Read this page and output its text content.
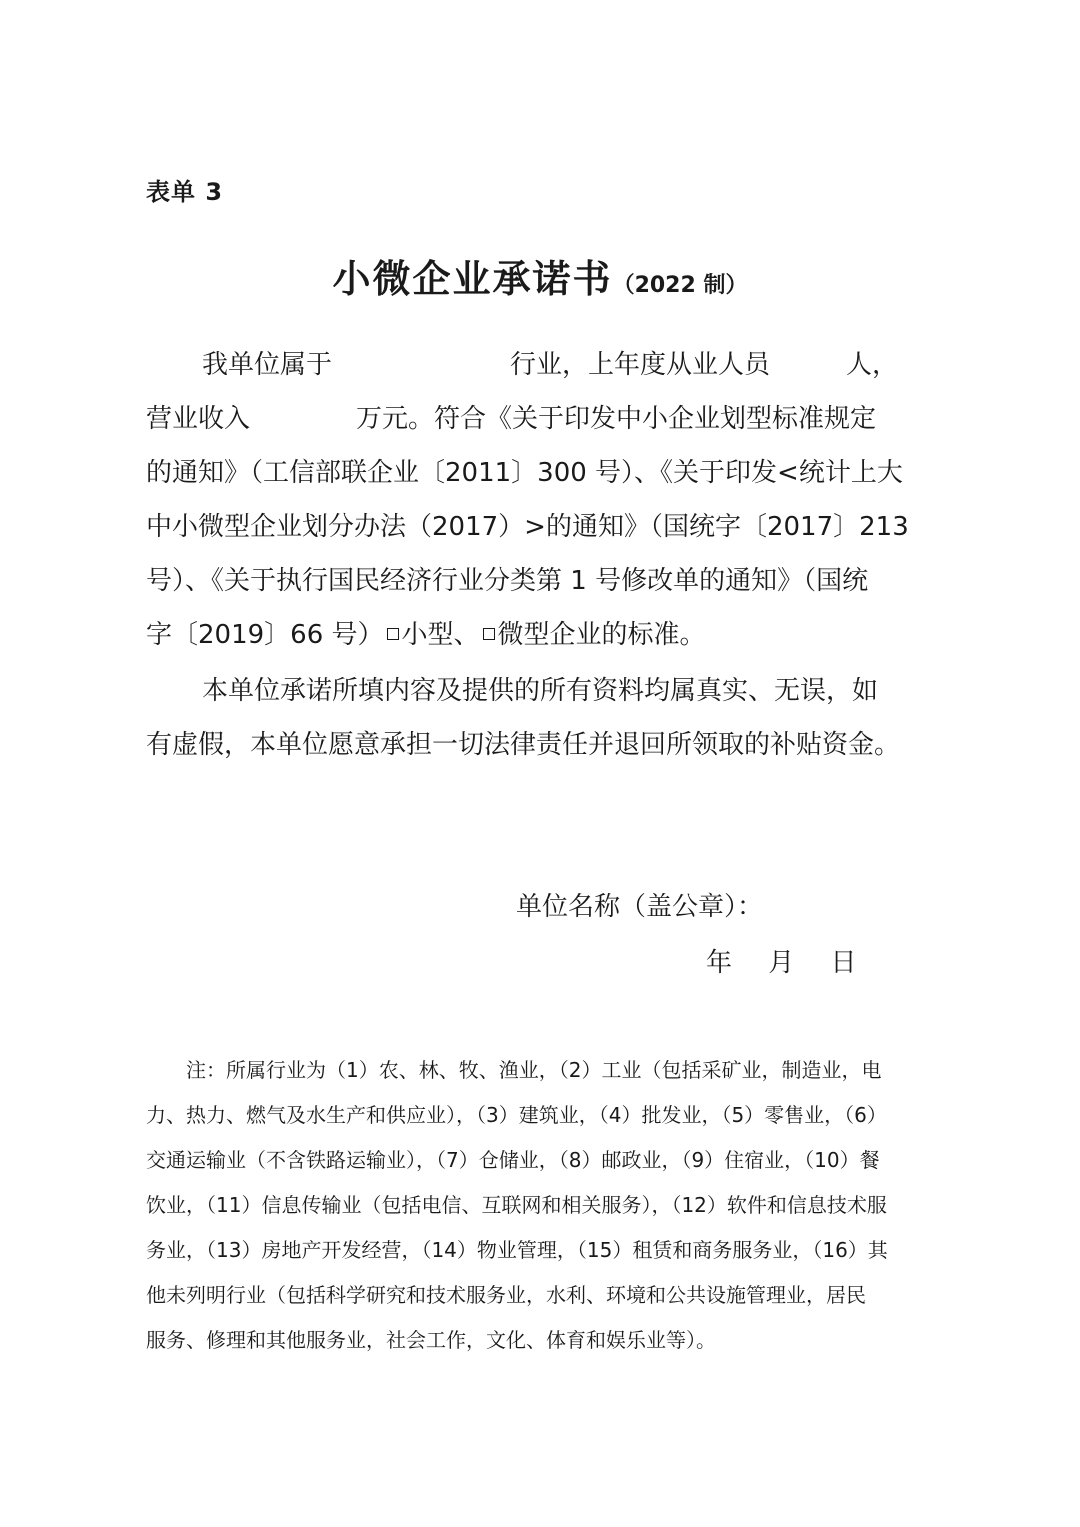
表单 3
小微企业承诺书（2022 制）
我单位属于	行业，上年度从业人员	人，
营业收入	万元。符合《关于印发中小企业划型标准规定
的通知》（工信部联企业〔2011〕300 号）、《关于印发<统计上大
中小微型企业划分办法（2017）>的通知》（国统字〔2017〕213
号）、《关于执行国民经济行业分类第 1 号修改单的通知》（国统
字〔2019〕66 号） 小型、 微型企业的标准。
本单位承诺所填内容及提供的所有资料均属真实、无误，如
有虚假，本单位愿意承担一切法律责任并退回所领取的补贴资金。
单位名称（盖公章）：
年 月 日
注：所属行业为（1）农、林、牧、渔业，（2）工业（包括采矿业，制造业，电
力、热力、燃气及水生产和供应业），（3）建筑业，（4）批发业，（5）零售业，（6）
交通运输业（不含铁路运输业），（7）仓储业，（8）邮政业，（9）住宿业，（10）餐
饮业，（11）信息传输业（包括电信、互联网和相关服务），（12）软件和信息技术服
务业，（13）房地产开发经营，（14）物业管理，（15）租赁和商务服务业，（16）其
他未列明行业（包括科学研究和技术服务业，水利、环境和公共设施管理业，居民
服务、修理和其他服务业，社会工作，文化、体育和娱乐业等）。
